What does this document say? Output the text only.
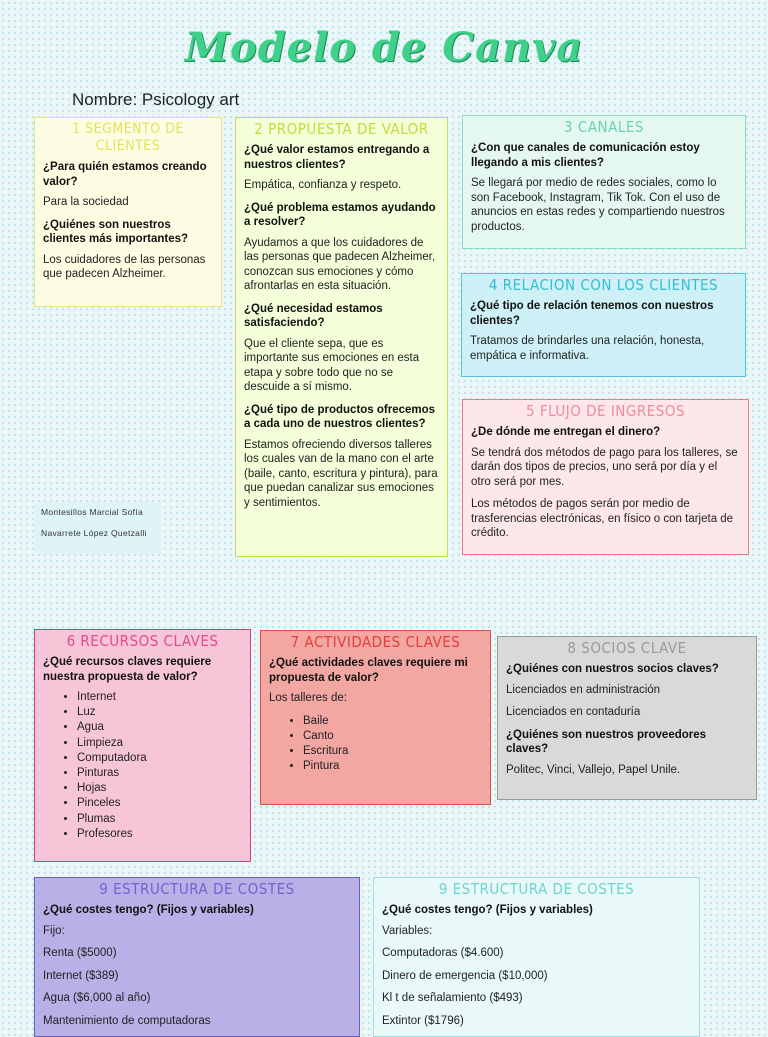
Modelo de Canva
Nombre: Psicology art
1 SEGMENTO DE CLIENTES

¿Para quién estamos creando valor?

Para la sociedad

¿Quiénes son nuestros clientes más importantes?

Los cuidadores de las personas que padecen Alzheimer.

2 PROPUESTA DE VALOR

¿Qué valor estamos entregando a nuestros clientes?

Empática, confianza y respeto.

¿Qué problema estamos ayudando a resolver?

Ayudamos a que los cuidadores de las personas que padecen Alzheimer, conozcan sus emociones y cómo afrontarlas en esta situación.

¿Qué necesidad estamos satisfaciendo?

Que el cliente sepa, que es importante sus emociones en esta etapa y sobre todo que no se descuide a sí mismo.

¿Qué tipo de productos ofrecemos a cada uno de nuestros clientes?

Estamos ofreciendo diversos talleres los cuales van de la mano con el arte (baile, canto, escritura y pintura), para que puedan canalizar sus emociones y sentimientos.

Montesillos Marcial Sofía
Navarrete López Quetzalli
3 CANALES

¿Con que canales de comunicación estoy llegando a mis clientes?

Se llegará por medio de redes sociales, como lo son Facebook, Instagram, Tik Tok. Con el uso de anuncios en estas redes y compartiendo nuestros productos.

4 RELACION CON LOS CLIENTES

¿Qué tipo de relación tenemos con nuestros clientes?

Tratamos de brindarles una relación, honesta, empática e informativa.

5 FLUJO DE INGRESOS

¿De dónde me entregan el dinero?

Se tendrá dos métodos de pago para los talleres, se darán dos tipos de precios, uno será por día y el otro será por mes.

Los métodos de pagos serán por medio de trasferencias electrónicas, en físico o con tarjeta de crédito.

6 RECURSOS CLAVES

¿Qué recursos claves requiere nuestra propuesta de valor?

• Internet
• Luz
• Agua
• Limpieza
• Computadora
• Pinturas
• Hojas
• Pinceles
• Plumas
• Profesores
7 ACTIVIDADES CLAVES

¿Qué actividades claves requiere mi propuesta de valor?

Los talleres de:

• Baile
• Canto
• Escritura
• Pintura
8 SOCIOS CLAVE

¿Quiénes con nuestros socios claves?

Licenciados en administración

Licenciados en contaduría

¿Quiénes son nuestros proveedores claves?

Politec, Vinci, Vallejo, Papel Unile.

9 ESTRUCTURA DE COSTES

¿Qué costes tengo? (Fijos y variables)

Fijo:

Renta ($5000)

Internet ($389)

Agua ($6,000 al año)

Mantenimiento de computadoras

9 ESTRUCTURA DE COSTES

¿Qué costes tengo? (Fijos y variables)

Variables:

Computadoras ($4.600)

Dinero de emergencia ($10,000)

Kl t de señalamiento ($493)

Extintor ($1796)
